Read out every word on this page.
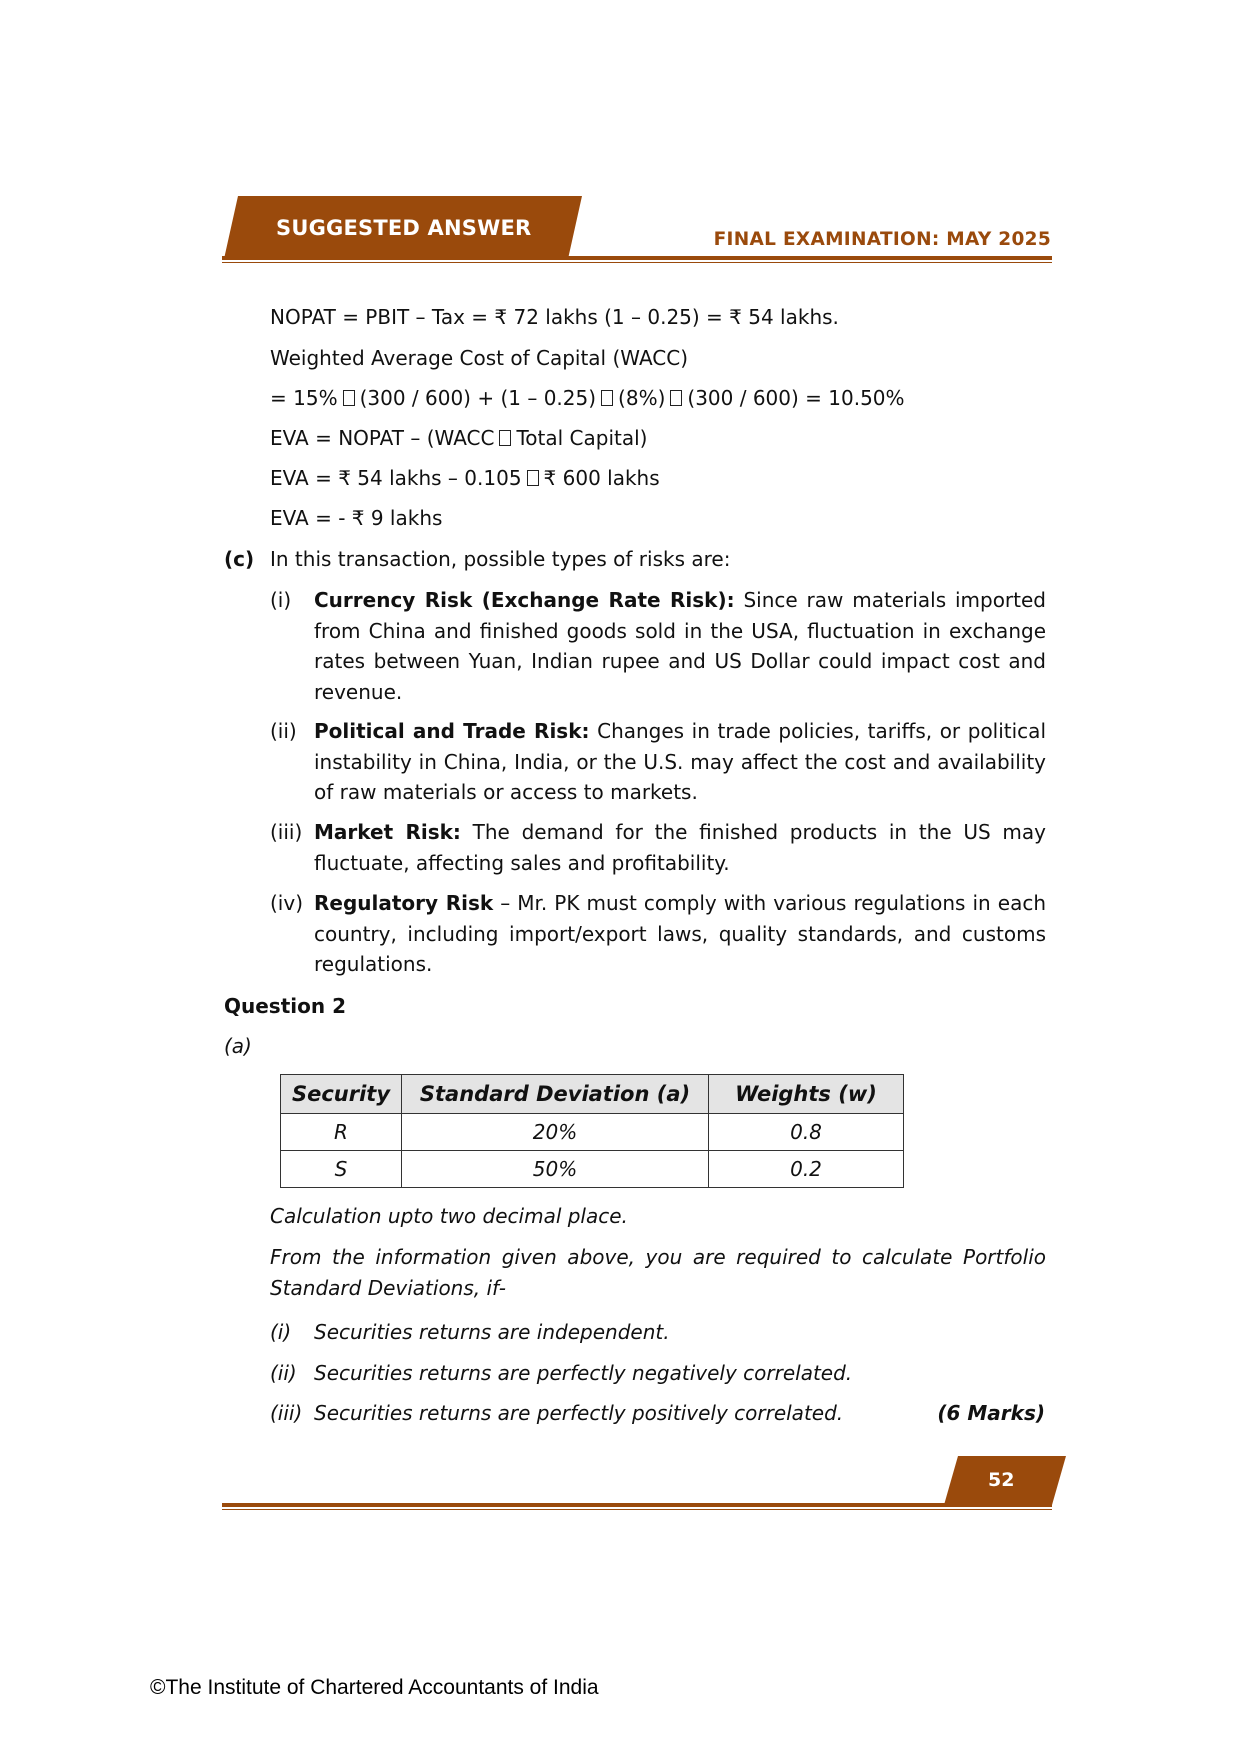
SUGGESTED ANSWER	FINAL EXAMINATION: MAY 2025
NOPAT = PBIT – Tax = ₹ 72 lakhs (1 – 0.25) = ₹ 54 lakhs.
Weighted Average Cost of Capital (WACC)
= 15% (300 / 600) + (1 – 0.25) (8%) (300 / 600) = 10.50%
EVA = NOPAT – (WACC Total Capital)
EVA = ₹ 54 lakhs – 0.105 ₹ 600 lakhs
EVA = - ₹ 9 lakhs
(c) In this transaction, possible types of risks are:
(i) Currency Risk (Exchange Rate Risk): Since raw materials imported from China and finished goods sold in the USA, fluctuation in exchange rates between Yuan, Indian rupee and US Dollar could impact cost and revenue.
(ii) Political and Trade Risk: Changes in trade policies, tariffs, or political instability in China, India, or the U.S. may affect the cost and availability of raw materials or access to markets.
(iii) Market Risk: The demand for the finished products in the US may fluctuate, affecting sales and profitability.
(iv) Regulatory Risk – Mr. PK must comply with various regulations in each country, including import/export laws, quality standards, and customs regulations.
Question 2
(a)
Security	Standard Deviation (a)	Weights (w)
R	20%	0.8
S	50%	0.2
Calculation upto two decimal place.
From the information given above, you are required to calculate Portfolio Standard Deviations, if-
(i) Securities returns are independent.
(ii) Securities returns are perfectly negatively correlated.
(iii) Securities returns are perfectly positively correlated.	(6 Marks)
52
©The Institute of Chartered Accountants of India
